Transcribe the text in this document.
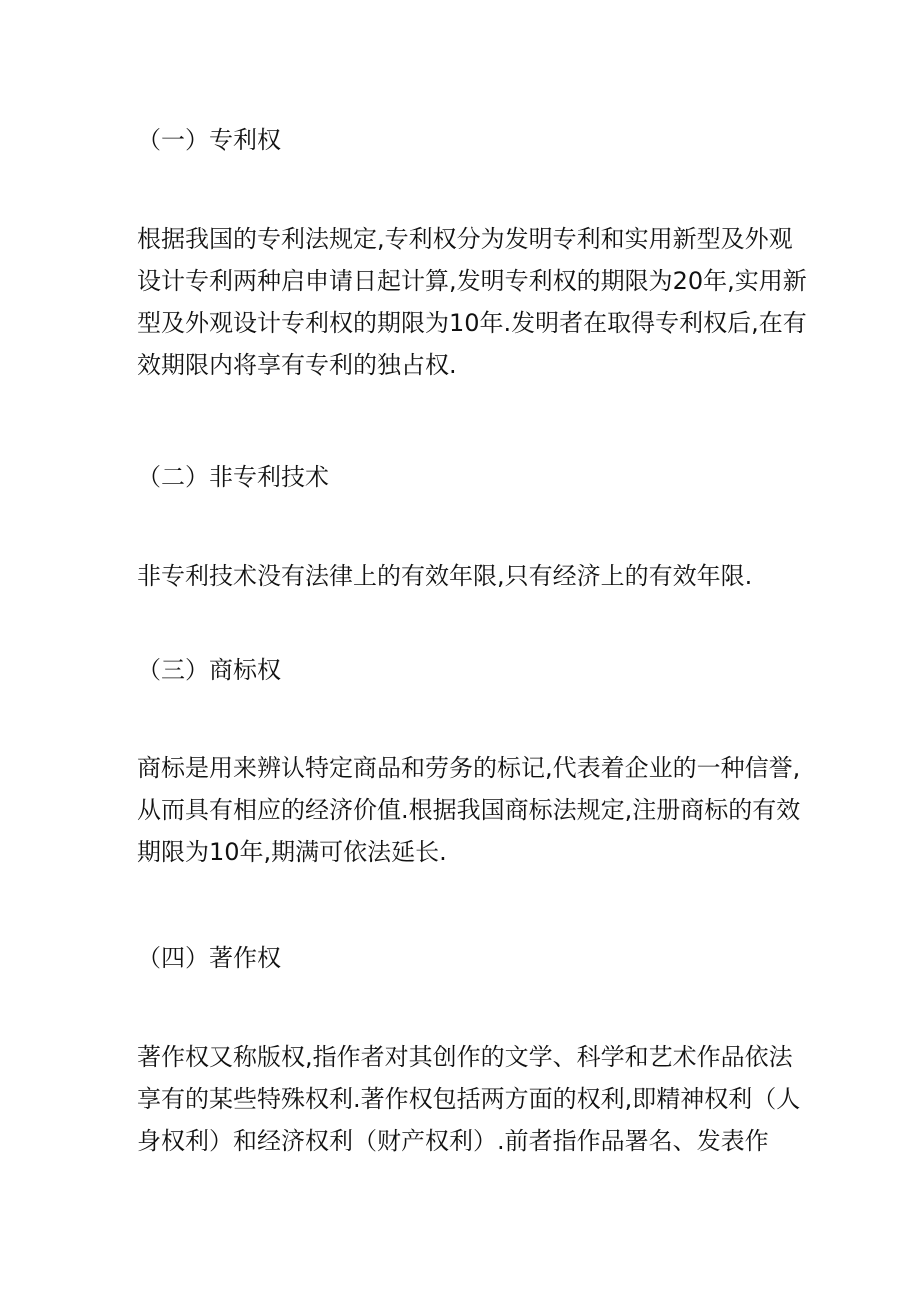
（一）专利权
根据我国的专利法规定,专利权分为发明专利和实用新型及外观
设计专利两种启申请日起计算,发明专利权的期限为20年,实用新
型及外观设计专利权的期限为10年.发明者在取得专利权后,在有
效期限内将享有专利的独占权.
（二）非专利技术
非专利技术没有法律上的有效年限,只有经济上的有效年限.
（三）商标权
商标是用来辨认特定商品和劳务的标记,代表着企业的一种信誉,
从而具有相应的经济价值.根据我国商标法规定,注册商标的有效
期限为10年,期满可依法延长.
（四）著作权
著作权又称版权,指作者对其创作的文学、科学和艺术作品依法
享有的某些特殊权利.著作权包括两方面的权利,即精神权利（人
身权利）和经济权利（财产权利）.前者指作品署名、发表作
